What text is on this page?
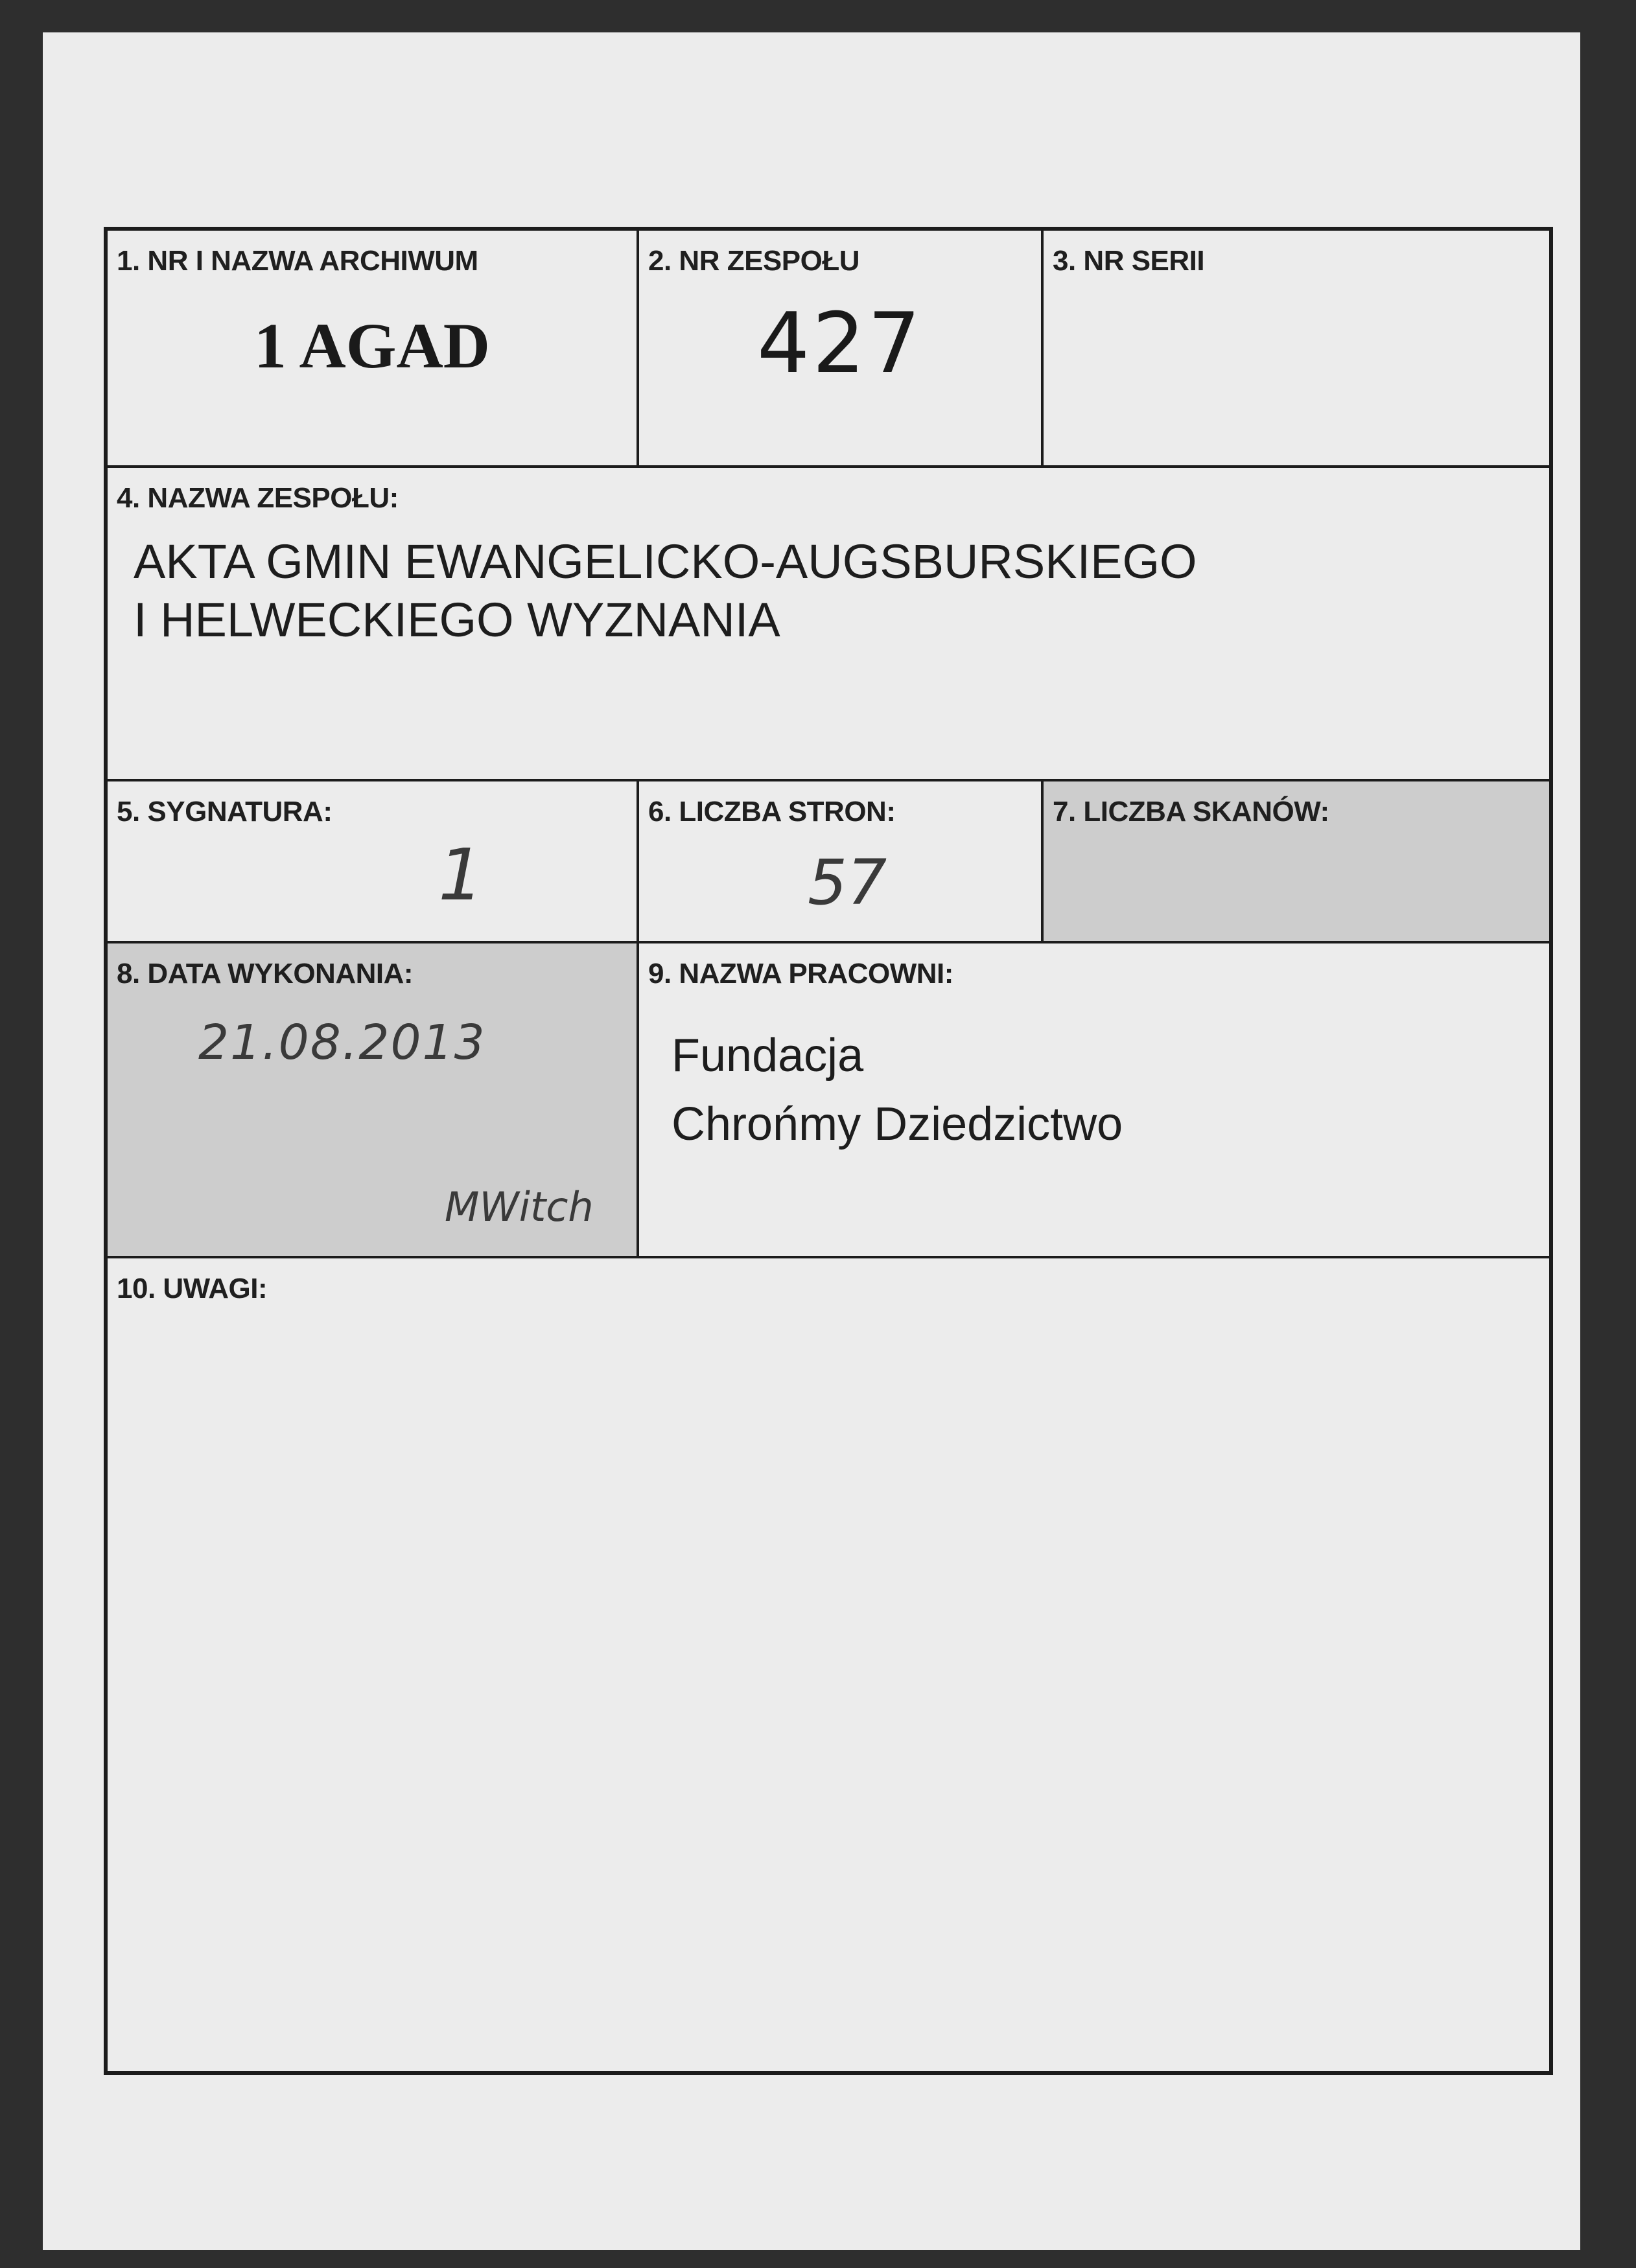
1. NR I NAZWA ARCHIWUM
1 AGAD
2. NR ZESPOŁU
427
3. NR SERII
4. NAZWA ZESPOŁU:
AKTA GMIN EWANGELICKO-AUGSBURSKIEGO
I HELWECKIEGO WYZNANIA
5. SYGNATURA:
1
6. LICZBA STRON:
57
7. LICZBA SKANÓW:
8. DATA WYKONANIA:
21.08.2013
MWitch
9. NAZWA PRACOWNI:
Fundacja
Chrońmy Dziedzictwo
10. UWAGI:
